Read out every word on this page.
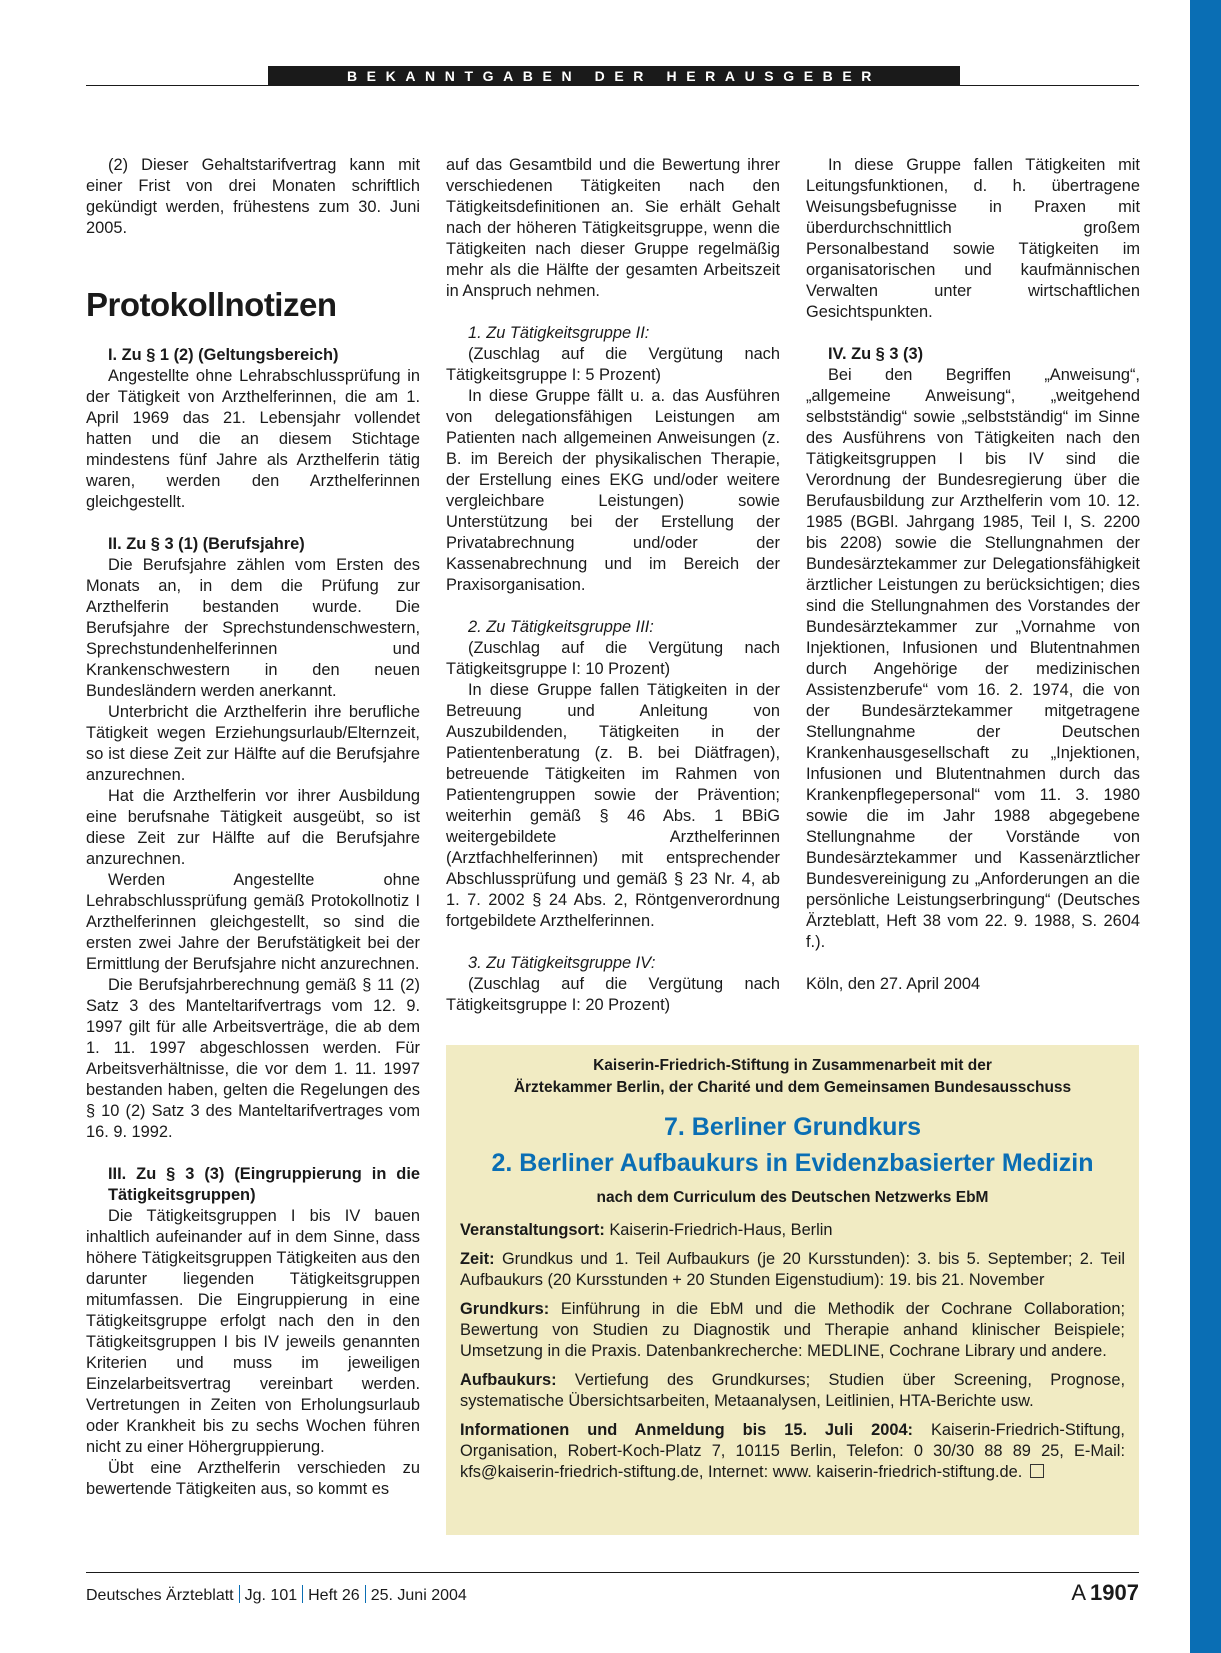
BEKANNTGABEN DER HERAUSGEBER

(2) Dieser Gehaltstarifvertrag kann mit einer Frist von drei Monaten schriftlich gekündigt werden, frühestens zum 30. Juni 2005.

Protokollnotizen
I. Zu § 1 (2) (Geltungsbereich)

Angestellte ohne Lehrabschlussprüfung in der Tätigkeit von Arzthelferinnen, die am 1. April 1969 das 21. Lebensjahr vollendet hatten und die an diesem Stichtage mindestens fünf Jahre als Arzthelferin tätig waren, werden den Arzthelferinnen gleichgestellt.

II. Zu § 3 (1) (Berufsjahre)

Die Berufsjahre zählen vom Ersten des Monats an, in dem die Prüfung zur Arzthelferin bestanden wurde. Die Berufsjahre der Sprechstundenschwestern, Sprechstundenhelferinnen und Krankenschwestern in den neuen Bundesländern werden anerkannt.

Unterbricht die Arzthelferin ihre berufliche Tätigkeit wegen Erziehungsurlaub/Elternzeit, so ist diese Zeit zur Hälfte auf die Berufsjahre anzurechnen.

Hat die Arzthelferin vor ihrer Ausbildung eine berufsnahe Tätigkeit ausgeübt, so ist diese Zeit zur Hälfte auf die Berufsjahre anzurechnen.

Werden Angestellte ohne Lehrabschlussprüfung gemäß Protokollnotiz I Arzthelferinnen gleichgestellt, so sind die ersten zwei Jahre der Berufstätigkeit bei der Ermittlung der Berufsjahre nicht anzurechnen.

Die Berufsjahrberechnung gemäß § 11 (2) Satz 3 des Manteltarifvertrags vom 12. 9. 1997 gilt für alle Arbeitsverträge, die ab dem 1. 11. 1997 abgeschlossen werden. Für Arbeitsverhältnisse, die vor dem 1. 11. 1997 bestanden haben, gelten die Regelungen des § 10 (2) Satz 3 des Manteltarifvertrages vom 16. 9. 1992.

III. Zu § 3 (3) (Eingruppierung in die Tätigkeitsgruppen)

Die Tätigkeitsgruppen I bis IV bauen inhaltlich aufeinander auf in dem Sinne, dass höhere Tätigkeitsgruppen Tätigkeiten aus den darunter liegenden Tätigkeitsgruppen mitumfassen. Die Eingruppierung in eine Tätigkeitsgruppe erfolgt nach den in den Tätigkeitsgruppen I bis IV jeweils genannten Kriterien und muss im jeweiligen Einzelarbeitsvertrag vereinbart werden. Vertretungen in Zeiten von Erholungsurlaub oder Krankheit bis zu sechs Wochen führen nicht zu einer Höhergruppierung.

Übt eine Arzthelferin verschieden zu bewertende Tätigkeiten aus, so kommt es

auf das Gesamtbild und die Bewertung ihrer verschiedenen Tätigkeiten nach den Tätigkeitsdefinitionen an. Sie erhält Gehalt nach der höheren Tätigkeitsgruppe, wenn die Tätigkeiten nach dieser Gruppe regelmäßig mehr als die Hälfte der gesamten Arbeitszeit in Anspruch nehmen.

1. Zu Tätigkeitsgruppe II:

(Zuschlag auf die Vergütung nach Tätigkeitsgruppe I: 5 Prozent)

In diese Gruppe fällt u. a. das Ausführen von delegationsfähigen Leistungen am Patienten nach allgemeinen Anweisungen (z. B. im Bereich der physikalischen Therapie, der Erstellung eines EKG und/oder weitere vergleichbare Leistungen) sowie Unterstützung bei der Erstellung der Privatabrechnung und/oder der Kassenabrechnung und im Bereich der Praxisorganisation.

2. Zu Tätigkeitsgruppe III:

(Zuschlag auf die Vergütung nach Tätigkeitsgruppe I: 10 Prozent)

In diese Gruppe fallen Tätigkeiten in der Betreuung und Anleitung von Auszubildenden, Tätigkeiten in der Patientenberatung (z. B. bei Diätfragen), betreuende Tätigkeiten im Rahmen von Patientengruppen sowie der Prävention; weiterhin gemäß § 46 Abs. 1 BBiG weitergebildete Arzthelferinnen (Arztfachhelferinnen) mit entsprechender Abschlussprüfung und gemäß § 23 Nr. 4, ab 1. 7. 2002 § 24 Abs. 2, Röntgenverordnung fortgebildete Arzthelferinnen.

3. Zu Tätigkeitsgruppe IV:

(Zuschlag auf die Vergütung nach Tätigkeitsgruppe I: 20 Prozent)

In diese Gruppe fallen Tätigkeiten mit Leitungsfunktionen, d. h. übertragene Weisungsbefugnisse in Praxen mit überdurchschnittlich großem Personalbestand sowie Tätigkeiten im organisatorischen und kaufmännischen Verwalten unter wirtschaftlichen Gesichtspunkten.

IV. Zu § 3 (3)

Bei den Begriffen „Anweisung“, „allgemeine Anweisung“, „weitgehend selbstständig“ sowie „selbstständig“ im Sinne des Ausführens von Tätigkeiten nach den Tätigkeitsgruppen I bis IV sind die Verordnung der Bundesregierung über die Berufausbildung zur Arzthelferin vom 10. 12. 1985 (BGBl. Jahrgang 1985, Teil I, S. 2200 bis 2208) sowie die Stellungnahmen der Bundesärztekammer zur Delegationsfähigkeit ärztlicher Leistungen zu berücksichtigen; dies sind die Stellungnahmen des Vorstandes der Bundesärztekammer zur „Vornahme von Injektionen, Infusionen und Blutentnahmen durch Angehörige der medizinischen Assistenzberufe“ vom 16. 2. 1974, die von der Bundesärztekammer mitgetragene Stellungnahme der Deutschen Krankenhausgesellschaft zu „Injektionen, Infusionen und Blutentnahmen durch das Krankenpflegepersonal“ vom 11. 3. 1980 sowie die im Jahr 1988 abgegebene Stellungnahme der Vorstände von Bundesärztekammer und Kassenärztlicher Bundesvereinigung zu „Anforderungen an die persönliche Leistungserbringung“ (Deutsches Ärzteblatt, Heft 38 vom 22. 9. 1988, S. 2604 f.).

Köln, den 27. April 2004

Kaiserin-Friedrich-Stiftung in Zusammenarbeit mit der
Ärztekammer Berlin, der Charité und dem Gemeinsamen Bundesausschuss
7. Berliner Grundkurs
2. Berliner Aufbaukurs in Evidenzbasierter Medizin
nach dem Curriculum des Deutschen Netzwerks EbM

Veranstaltungsort: Kaiserin-Friedrich-Haus, Berlin

Zeit: Grundkus und 1. Teil Aufbaukurs (je 20 Kursstunden): 3. bis 5. September; 2. Teil Aufbaukurs (20 Kursstunden + 20 Stunden Eigenstudium): 19. bis 21. November

Grundkurs: Einführung in die EbM und die Methodik der Cochrane Collaboration; Bewertung von Studien zu Diagnostik und Therapie anhand klinischer Beispiele; Umsetzung in die Praxis. Datenbankrecherche: MEDLINE, Cochrane Library und andere.

Aufbaukurs: Vertiefung des Grundkurses; Studien über Screening, Prognose, systematische Übersichtsarbeiten, Metaanalysen, Leitlinien, HTA-Berichte usw.

Informationen und Anmeldung bis 15. Juli 2004: Kaiserin-Friedrich-Stiftung, Organisation, Robert-Koch-Platz 7, 10115 Berlin, Telefon: 0 30/30 88 89 25, E-Mail: kfs@kaiserin-friedrich-stiftung.de, Internet: www. kaiserin-friedrich-stiftung.de.

Deutsches Ärzteblatt Jg. 101 Heft 26 25. Juni 2004	A 1907
